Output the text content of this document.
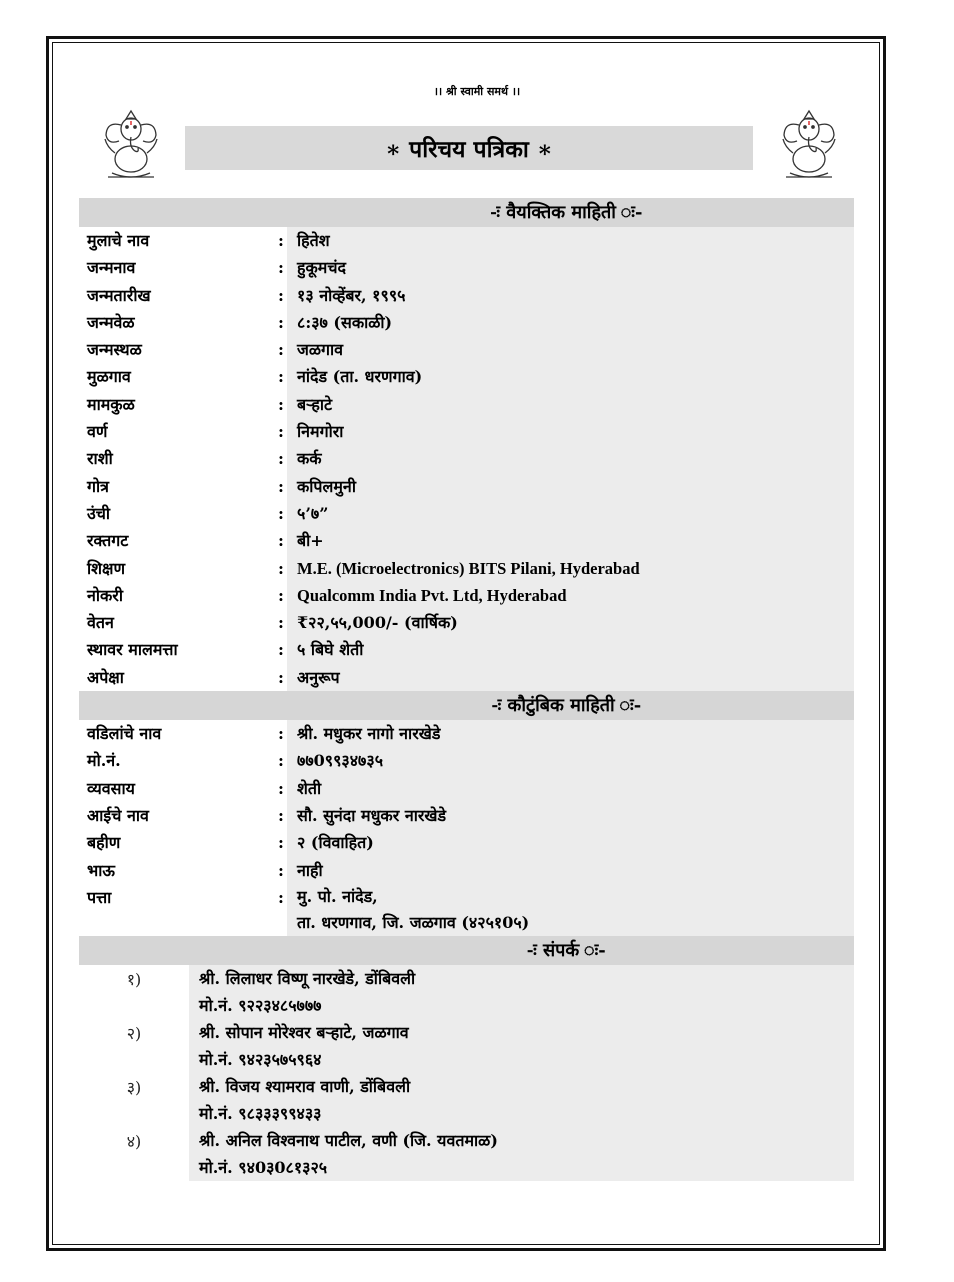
।। श्री स्वामी समर्थ ।।
∗ परिचय पत्रिका ∗
-ः वैयक्तिक माहिती ः-
मुलाचे नाव	: हितेश
जन्मनाव	: हुकूमचंद
जन्मतारीख	: १३ नोव्हेंबर, १९९५
जन्मवेळ	: ८:३७ (सकाळी)
जन्मस्थळ	: जळगाव
मुळगाव	: नांदेड (ता. धरणगाव)
मामकुळ	: बऱ्हाटे
वर्ण	: निमगोरा
राशी	: कर्क
गोत्र	: कपिलमुनी
उंची	: ५’७”
रक्तगट	: बी+
शिक्षण	: M.E. (Microelectronics) BITS Pilani, Hyderabad
नोकरी	: Qualcomm India Pvt. Ltd, Hyderabad
वेतन	: ₹२२,५५,000/- (वार्षिक)
स्थावर मालमत्ता	: ५ बिघे शेती
अपेक्षा	: अनुरूप
-ः कौटुंबिक माहिती ः-
वडिलांचे नाव	: श्री. मधुकर नागो नारखेडे
मो.नं.	: ७७0९९३४७३५
व्यवसाय	: शेती
आईचे नाव	: सौ. सुनंदा मधुकर नारखेडे
बहीण	: २ (विवाहित)
भाऊ	: नाही
पत्ता	: मु. पो. नांदेड,
ता. धरणगाव, जि. जळगाव (४२५१0५)
-ः संपर्क ः-
१)	श्री. लिलाधर विष्णू नारखेडे, डोंबिवली
मो.नं. ९२२३४८५७७७
२)	श्री. सोपान मोरेश्वर बऱ्हाटे, जळगाव
मो.नं. ९४२३५७५९६४
३)	श्री. विजय श्यामराव वाणी, डोंबिवली
मो.नं. ९८३३३९९४३३
४)	श्री. अनिल विश्वनाथ पाटील, वणी (जि. यवतमाळ)
मो.नं. ९४0३0८१३२५
